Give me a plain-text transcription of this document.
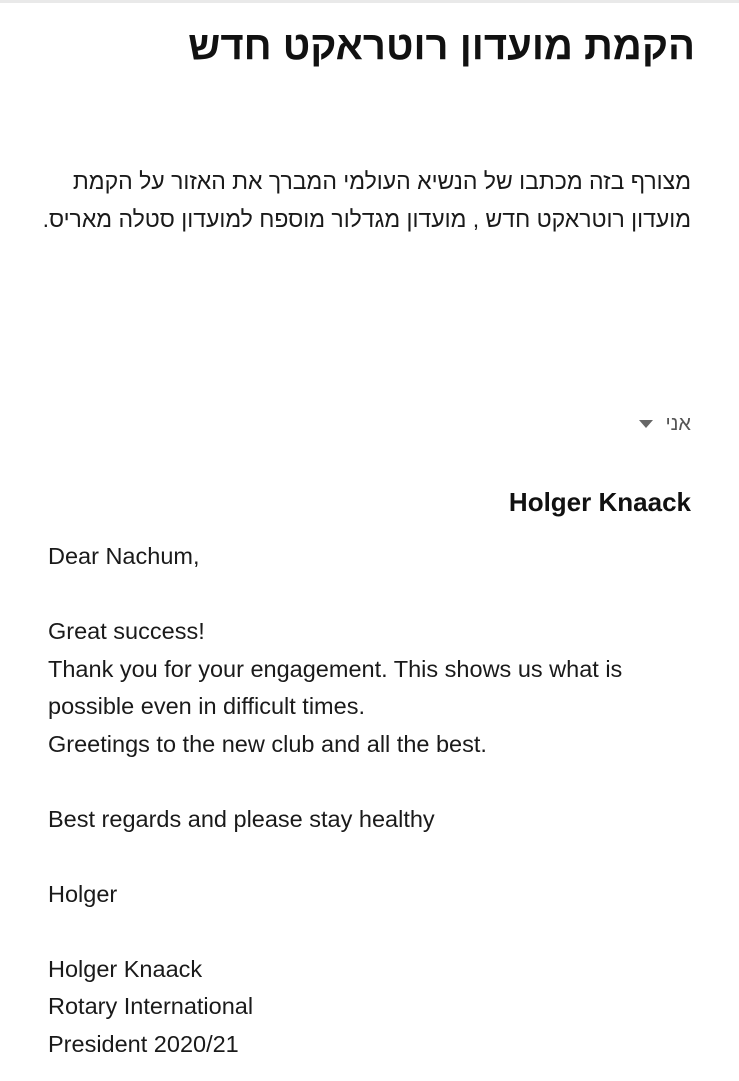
הקמת מועדון רוטראקט חדש

מצורף בזה מכתבו של הנשיא העולמי המברך את האזור על הקמת מועדון רוטראקט חדש , מועדון מגדלור מוספח למועדון סטלה מאריס.

אני
Holger Knaack

Dear Nachum,

Great success!
Thank you for your engagement. This shows us what is possible even in difficult times.
Greetings to the new club and all the best.

Best regards and please stay healthy

Holger

Holger Knaack
Rotary International
President 2020/21
